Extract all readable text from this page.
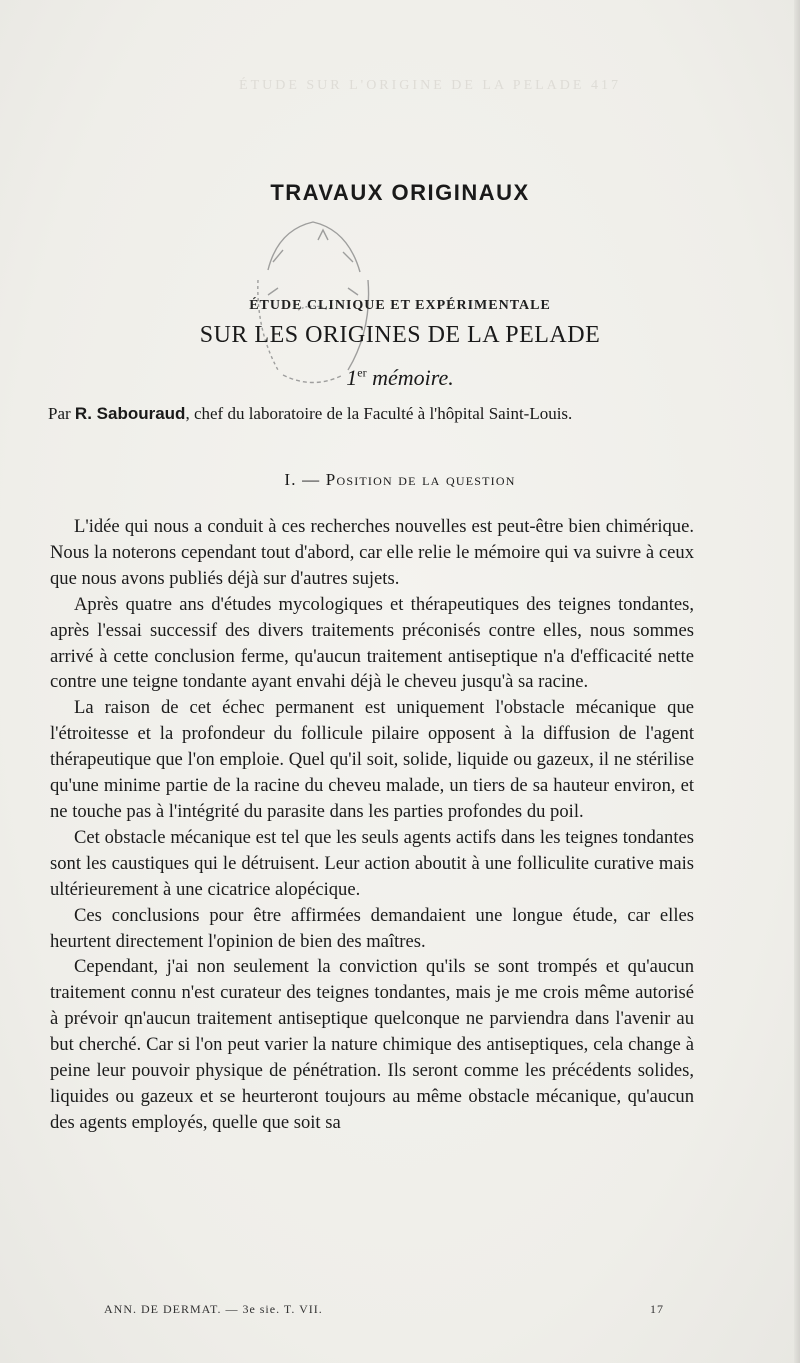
ÉTUDE SUR L'ORIGINE DE LA PELADE 417
TRAVAUX ORIGINAUX
ÉTUDE CLINIQUE ET EXPÉRIMENTALE
SUR LES ORIGINES DE LA PELADE
1er mémoire.
Par R. Sabouraud, chef du laboratoire de la Faculté à l'hôpital Saint-Louis.
I. — Position de la question

L'idée qui nous a conduit à ces recherches nouvelles est peut-être bien chimérique. Nous la noterons cependant tout d'abord, car elle relie le mémoire qui va suivre à ceux que nous avons publiés déjà sur d'autres sujets.

Après quatre ans d'études mycologiques et thérapeutiques des teignes tondantes, après l'essai successif des divers traitements préconisés contre elles, nous sommes arrivé à cette conclusion ferme, qu'aucun traitement antiseptique n'a d'efficacité nette contre une teigne tondante ayant envahi déjà le cheveu jusqu'à sa racine.

La raison de cet échec permanent est uniquement l'obstacle mécanique que l'étroitesse et la profondeur du follicule pilaire opposent à la diffusion de l'agent thérapeutique que l'on emploie. Quel qu'il soit, solide, liquide ou gazeux, il ne stérilise qu'une minime partie de la racine du cheveu malade, un tiers de sa hauteur environ, et ne touche pas à l'intégrité du parasite dans les parties profondes du poil.

Cet obstacle mécanique est tel que les seuls agents actifs dans les teignes tondantes sont les caustiques qui le détruisent. Leur action aboutit à une folliculite curative mais ultérieurement à une cicatrice alopécique.

Ces conclusions pour être affirmées demandaient une longue étude, car elles heurtent directement l'opinion de bien des maîtres.

Cependant, j'ai non seulement la conviction qu'ils se sont trompés et qu'aucun traitement connu n'est curateur des teignes tondantes, mais je me crois même autorisé à prévoir qn'aucun traitement antiseptique quelconque ne parviendra dans l'avenir au but cherché. Car si l'on peut varier la nature chimique des antiseptiques, cela change à peine leur pouvoir physique de pénétration. Ils seront comme les précédents solides, liquides ou gazeux et se heurteront toujours au même obstacle mécanique, qu'aucun des agents employés, quelle que soit sa

ANN. DE DERMAT. — 3e sie. T. VII.	17
